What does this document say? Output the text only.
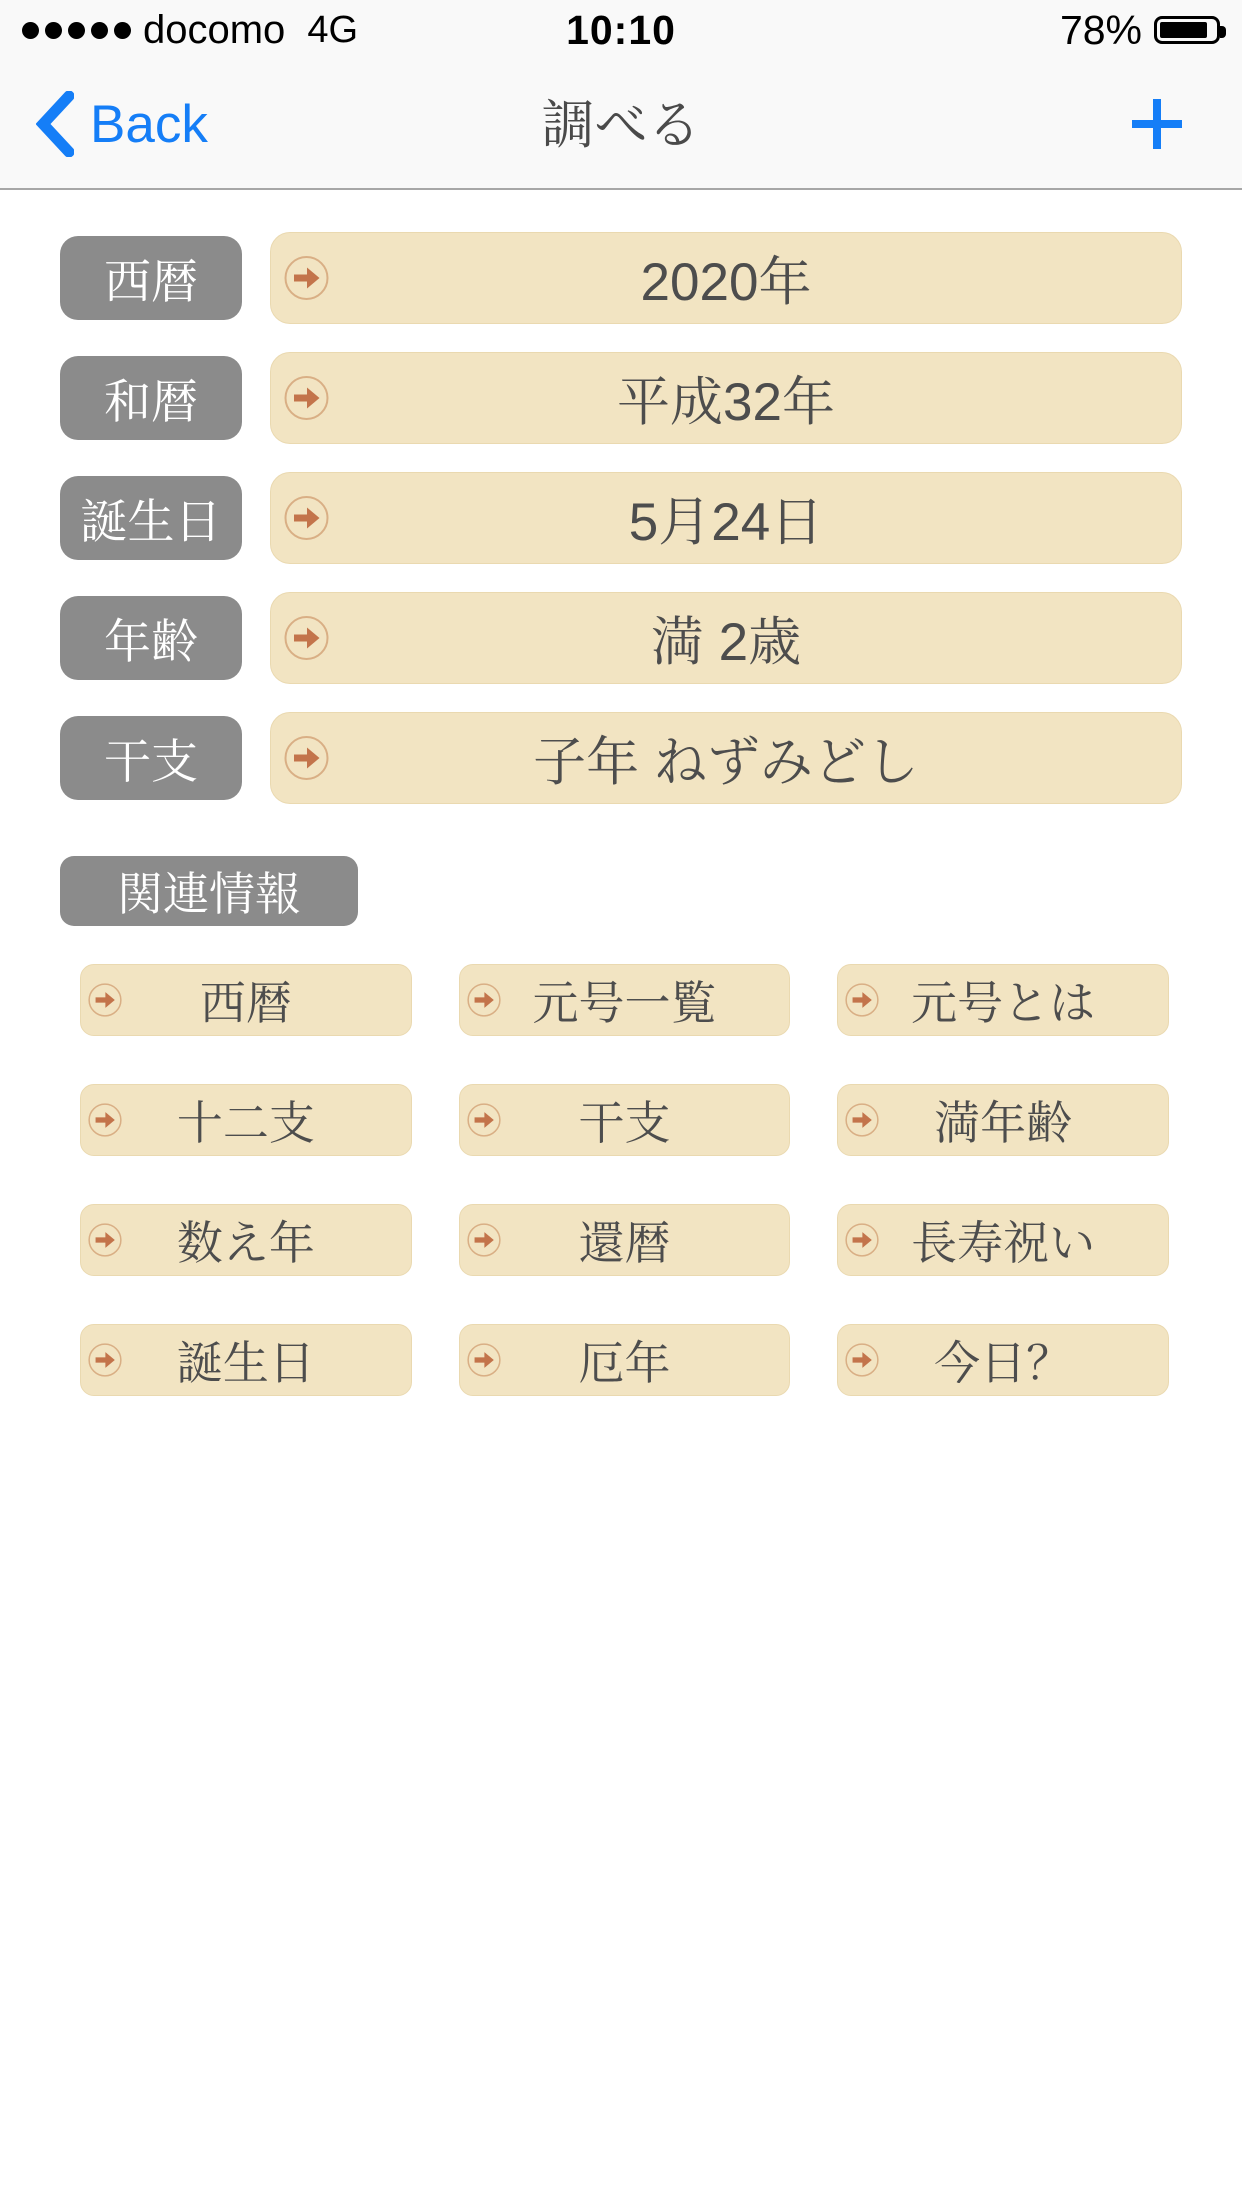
docomo 4G	10:10	78%
Back	調べる
西暦	2020年
和暦	平成32年
誕生日	5月24日
年齢	満 2歳
干支	子年 ねずみどし
関連情報
西暦	元号一覧	元号とは
十二支	干支	満年齢
数え年	還暦	長寿祝い
誕生日	厄年	今日？
